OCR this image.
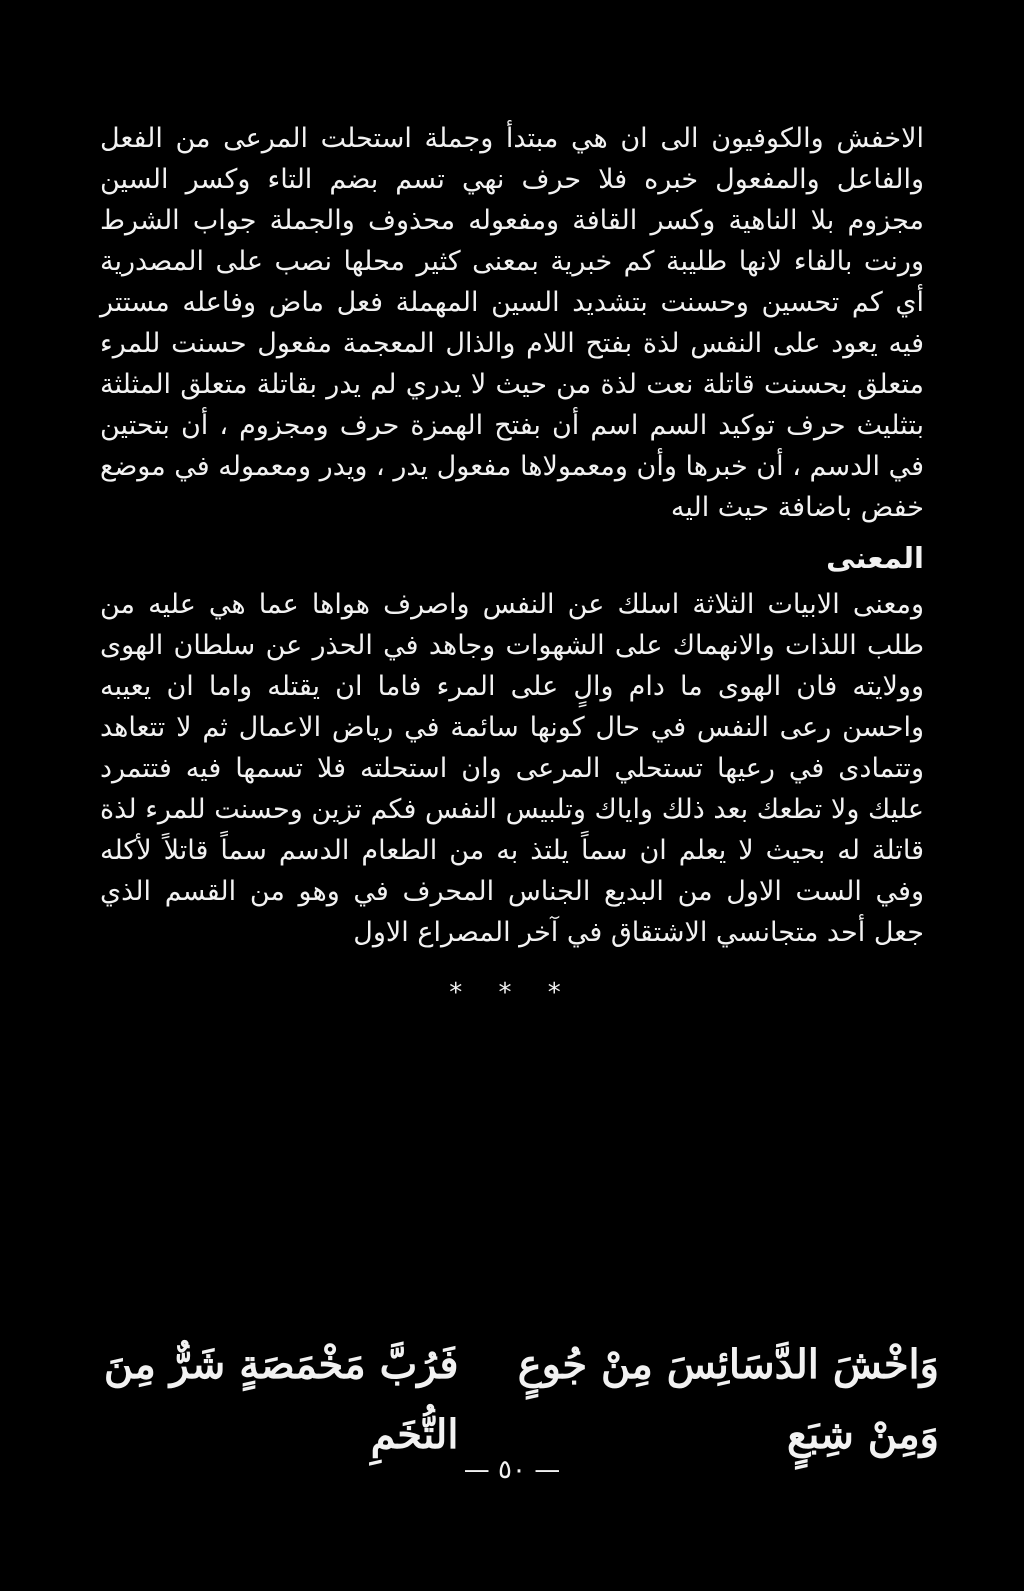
الاخفش والكوفيون الى ان هي مبتدأ وجملة استحلت المرعى من الفعل والفاعل والمفعول خبره فلا حرف نهي تسم بضم التاء وكسر السين مجزوم بلا الناهية وكسر القافة ومفعوله محذوف والجملة جواب الشرط ورنت بالفاء لانها طليبة كم خبرية بمعنى كثير محلها نصب على المصدرية أي كم تحسين وحسنت بتشديد السين المهملة فعل ماض وفاعله مستتر فيه يعود على النفس لذة بفتح اللام والذال المعجمة مفعول حسنت للمرء متعلق بحسنت قاتلة نعت لذة من حيث لا يدري لم يدر بقاتلة متعلق المثلثة بتثليث حرف توكيد السم اسم أن بفتح الهمزة حرف ومجزوم ، أن بتحتين في الدسم ، أن خبرها وأن ومعمولاها مفعول يدر ، ويدر ومعموله في موضع خفض باضافة حيث اليه

المعنى

ومعنى الابيات الثلاثة اسلك عن النفس واصرف هواها عما هي عليه من طلب اللذات والانهماك على الشهوات وجاهد في الحذر عن سلطان الهوى وولايته فان الهوى ما دام والٍ على المرء فاما ان يقتله واما ان يعيبه واحسن رعى النفس في حال كونها سائمة في رياض الاعمال ثم لا تتعاهد وتتمادى في رعيها تستحلي المرعى وان استحلته فلا تسمها فيه فتتمرد عليك ولا تطعك بعد ذلك واياك وتلبيس النفس فكم تزين وحسنت للمرء لذة قاتلة له بحيث لا يعلم ان سماً يلتذ به من الطعام الدسم سماً قاتلاً لأكله وفي الست الاول من البديع الجناس المحرف في وهو من القسم الذي جعل أحد متجانسي الاشتقاق في آخر المصراع الاول

* * *
وَاخْشَ الدَّسَائِسَ مِنْ جُوعٍ وَمِنْ شِبَعٍ
فَرُبَّ مَخْمَصَةٍ شَرٌّ مِنَ التُّخَمِ
— ٥٠ —
